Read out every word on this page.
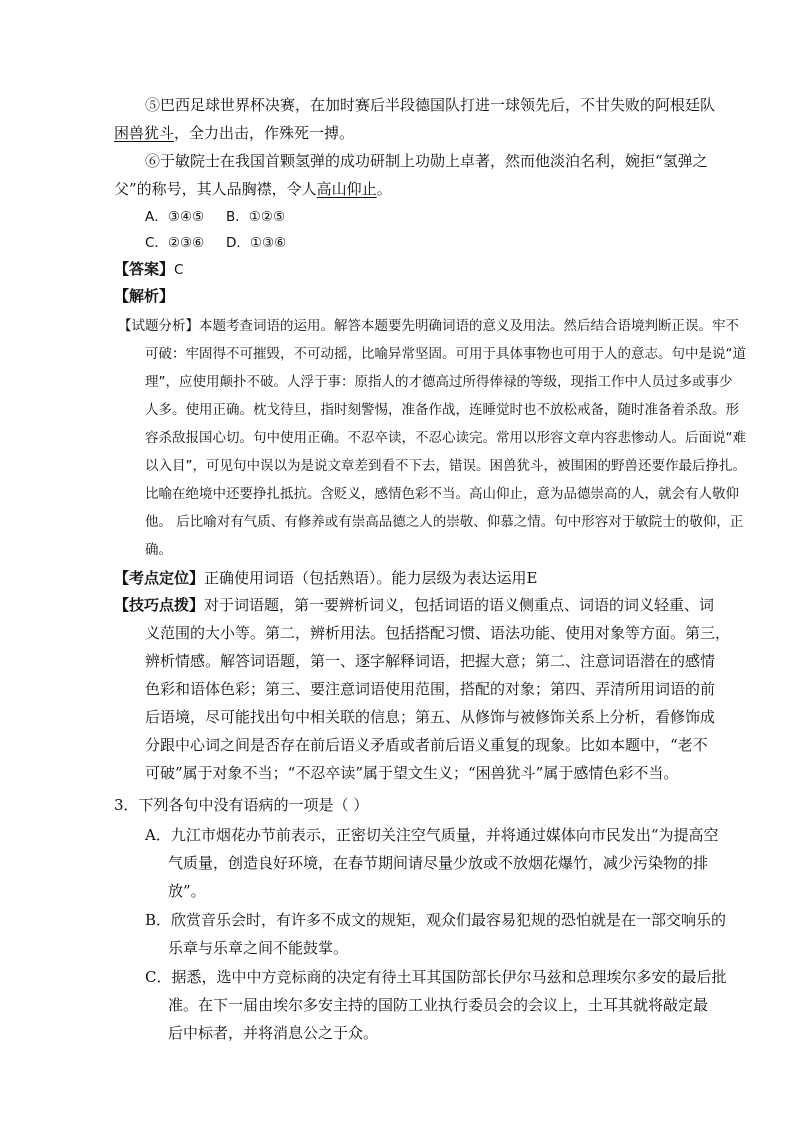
⑤巴西足球世界杯决赛，在加时赛后半段德国队打进一球领先后，不甘失败的阿根廷队
困兽犹斗，全力出击，作殊死一搏。
⑥于敏院士在我国首颗氢弹的成功研制上功勋上卓著，然而他淡泊名利，婉拒“氢弹之
父”的称号，其人品胸襟，令人高山仰止。
A．③④⑤ B．①②⑤
C．②③⑥ D．①③⑥
【答案】C
【解析】
【试题分析】本题考查词语的运用。解答本题要先明确词语的意义及用法。然后结合语境判断正误。牢不
可破：牢固得不可摧毁，不可动摇，比喻异常坚固。可用于具体事物也可用于人的意志。句中是说“道
理”，应使用颠扑不破。人浮于事：原指人的才德高过所得俸禄的等级，现指工作中人员过多或事少
人多。使用正确。枕戈待旦，指时刻警惕，准备作战，连睡觉时也不放松戒备，随时准备着杀敌。形
容杀敌报国心切。句中使用正确。不忍卒读，不忍心读完。常用以形容文章内容悲惨动人。后面说“难
以入目”，可见句中误以为是说文章差到看不下去，错误。困兽犹斗，被围困的野兽还要作最后挣扎。
比喻在绝境中还要挣扎抵抗。含贬义，感情色彩不当。高山仰止，意为品德崇高的人，就会有人敬仰
他。 后比喻对有气质、有修养或有崇高品德之人的崇敬、仰慕之情。句中形容对于敏院士的敬仰，正
确。
【考点定位】正确使用词语（包括熟语）。能力层级为表达运用E
【技巧点拨】对于词语题，第一要辨析词义，包括词语的语义侧重点、词语的词义轻重、词
义范围的大小等。第二，辨析用法。包括搭配习惯、语法功能、使用对象等方面。第三，
辨析情感。解答词语题，第一、逐字解释词语，把握大意；第二、注意词语潜在的感情
色彩和语体色彩；第三、要注意词语使用范围，搭配的对象；第四、弄清所用词语的前
后语境，尽可能找出句中相关联的信息；第五、从修饰与被修饰关系上分析，看修饰成
分跟中心词之间是否存在前后语义矛盾或者前后语义重复的现象。比如本题中，“老不
可破”属于对象不当；“不忍卒读”属于望文生义；“困兽犹斗”属于感情色彩不当。
3．下列各句中没有语病的一项是（ ）
A．九江市烟花办节前表示，正密切关注空气质量，并将通过媒体向市民发出“为提高空
气质量，创造良好环境，在春节期间请尽量少放或不放烟花爆竹，减少污染物的排
放”。
B．欣赏音乐会时，有许多不成文的规矩，观众们最容易犯规的恐怕就是在一部交响乐的
乐章与乐章之间不能鼓掌。
C．据悉，选中中方竞标商的决定有待土耳其国防部长伊尔马兹和总理埃尔多安的最后批
准。在下一届由埃尔多安主持的国防工业执行委员会的会议上，土耳其就将敲定最
后中标者，并将消息公之于众。
